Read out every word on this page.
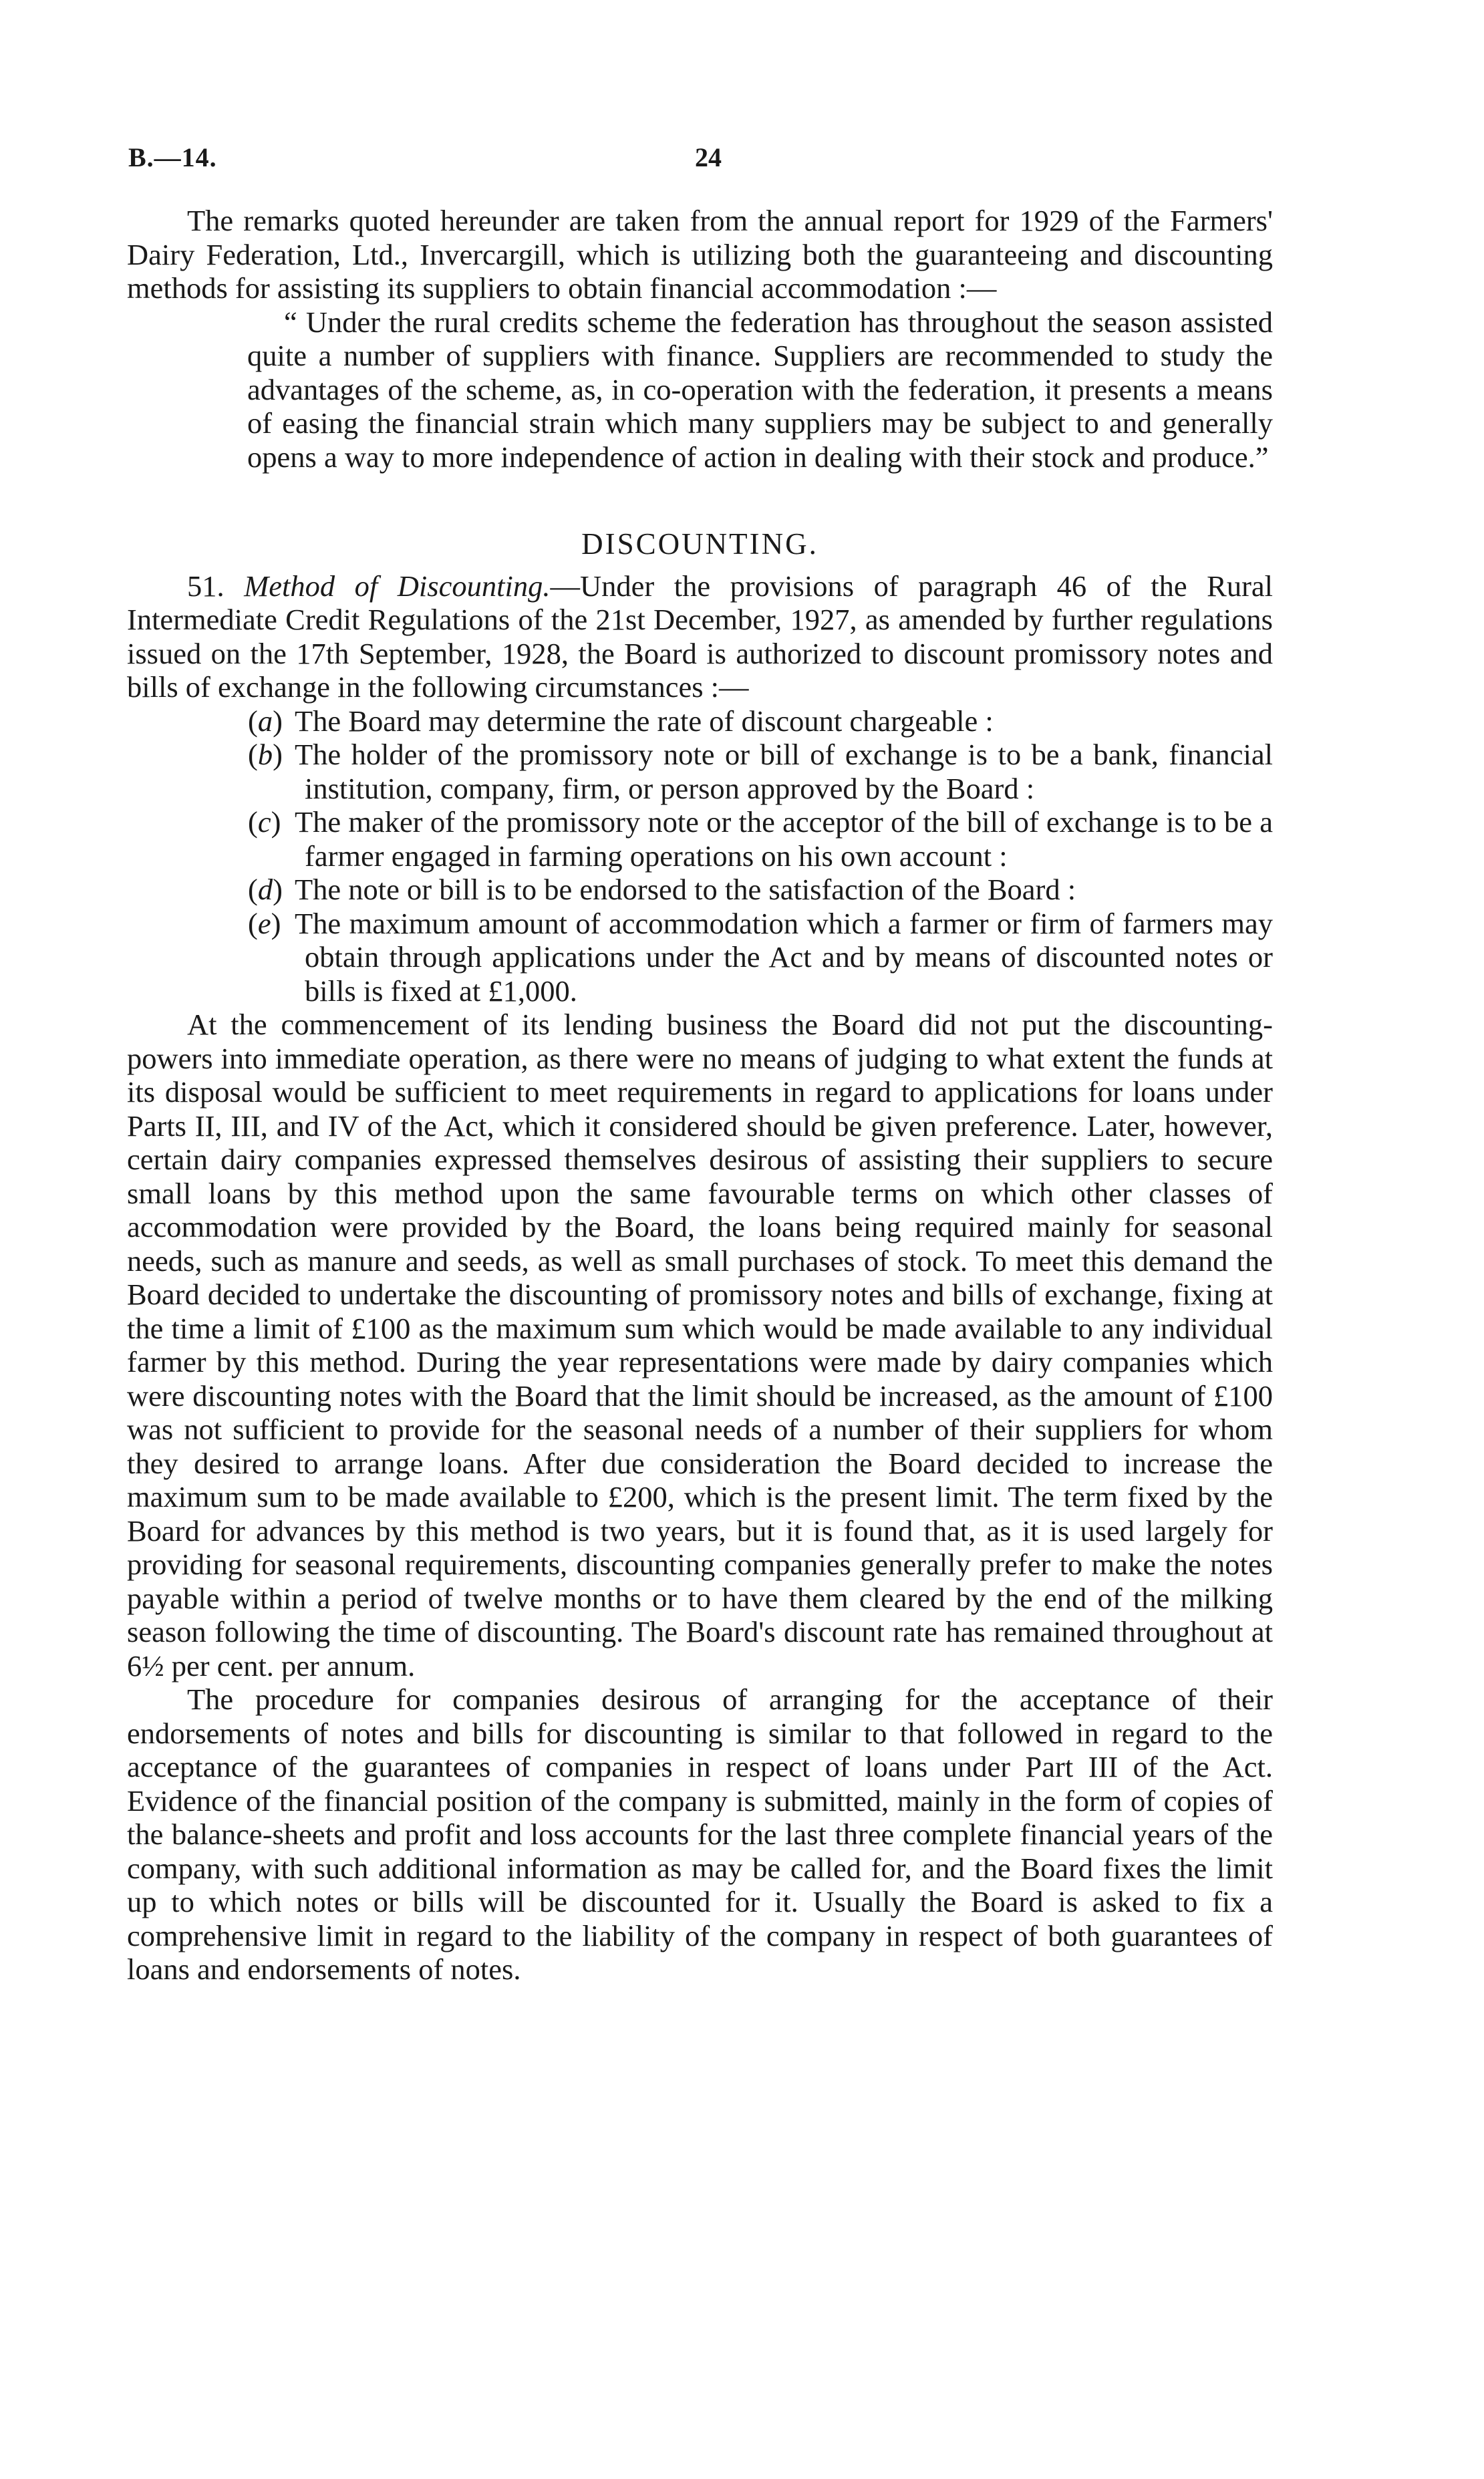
B.—14.	24

The remarks quoted hereunder are taken from the annual report for 1929 of the Farmers' Dairy Federation, Ltd., Invercargill, which is utilizing both the guaranteeing and discounting methods for assisting its suppliers to obtain financial accommodation :—

“ Under the rural credits scheme the federation has throughout the season assisted quite a number of suppliers with finance. Suppliers are recommended to study the advantages of the scheme, as, in co-operation with the federation, it presents a means of easing the financial strain which many suppliers may be subject to and generally opens a way to more independence of action in dealing with their stock and produce.”

DISCOUNTING.

51. Method of Discounting.—Under the provisions of paragraph 46 of the Rural Intermediate Credit Regulations of the 21st December, 1927, as amended by further regulations issued on the 17th September, 1928, the Board is authorized to discount promissory notes and bills of exchange in the following circumstances :—

(a) The Board may determine the rate of discount chargeable :
(b) The holder of the promissory note or bill of exchange is to be a bank, financial institution, company, firm, or person approved by the Board :
(c) The maker of the promissory note or the acceptor of the bill of exchange is to be a farmer engaged in farming operations on his own account :
(d) The note or bill is to be endorsed to the satisfaction of the Board :
(e) The maximum amount of accommodation which a farmer or firm of farmers may obtain through applications under the Act and by means of discounted notes or bills is fixed at £1,000.

At the commencement of its lending business the Board did not put the discounting-powers into immediate operation, as there were no means of judging to what extent the funds at its disposal would be sufficient to meet requirements in regard to applications for loans under Parts II, III, and IV of the Act, which it considered should be given preference. Later, however, certain dairy companies expressed themselves desirous of assisting their suppliers to secure small loans by this method upon the same favourable terms on which other classes of accommodation were provided by the Board, the loans being required mainly for seasonal needs, such as manure and seeds, as well as small purchases of stock. To meet this demand the Board decided to undertake the discounting of promissory notes and bills of exchange, fixing at the time a limit of £100 as the maximum sum which would be made available to any individual farmer by this method. During the year representations were made by dairy companies which were discounting notes with the Board that the limit should be increased, as the amount of £100 was not sufficient to provide for the seasonal needs of a number of their suppliers for whom they desired to arrange loans. After due consideration the Board decided to increase the maximum sum to be made available to £200, which is the present limit. The term fixed by the Board for advances by this method is two years, but it is found that, as it is used largely for providing for seasonal requirements, discounting companies generally prefer to make the notes payable within a period of twelve months or to have them cleared by the end of the milking season following the time of discounting. The Board's discount rate has remained throughout at 6½ per cent. per annum.

The procedure for companies desirous of arranging for the acceptance of their endorsements of notes and bills for discounting is similar to that followed in regard to the acceptance of the guarantees of companies in respect of loans under Part III of the Act. Evidence of the financial position of the company is submitted, mainly in the form of copies of the balance-sheets and profit and loss accounts for the last three complete financial years of the company, with such additional information as may be called for, and the Board fixes the limit up to which notes or bills will be discounted for it. Usually the Board is asked to fix a comprehensive limit in regard to the liability of the company in respect of both guarantees of loans and endorsements of notes.
